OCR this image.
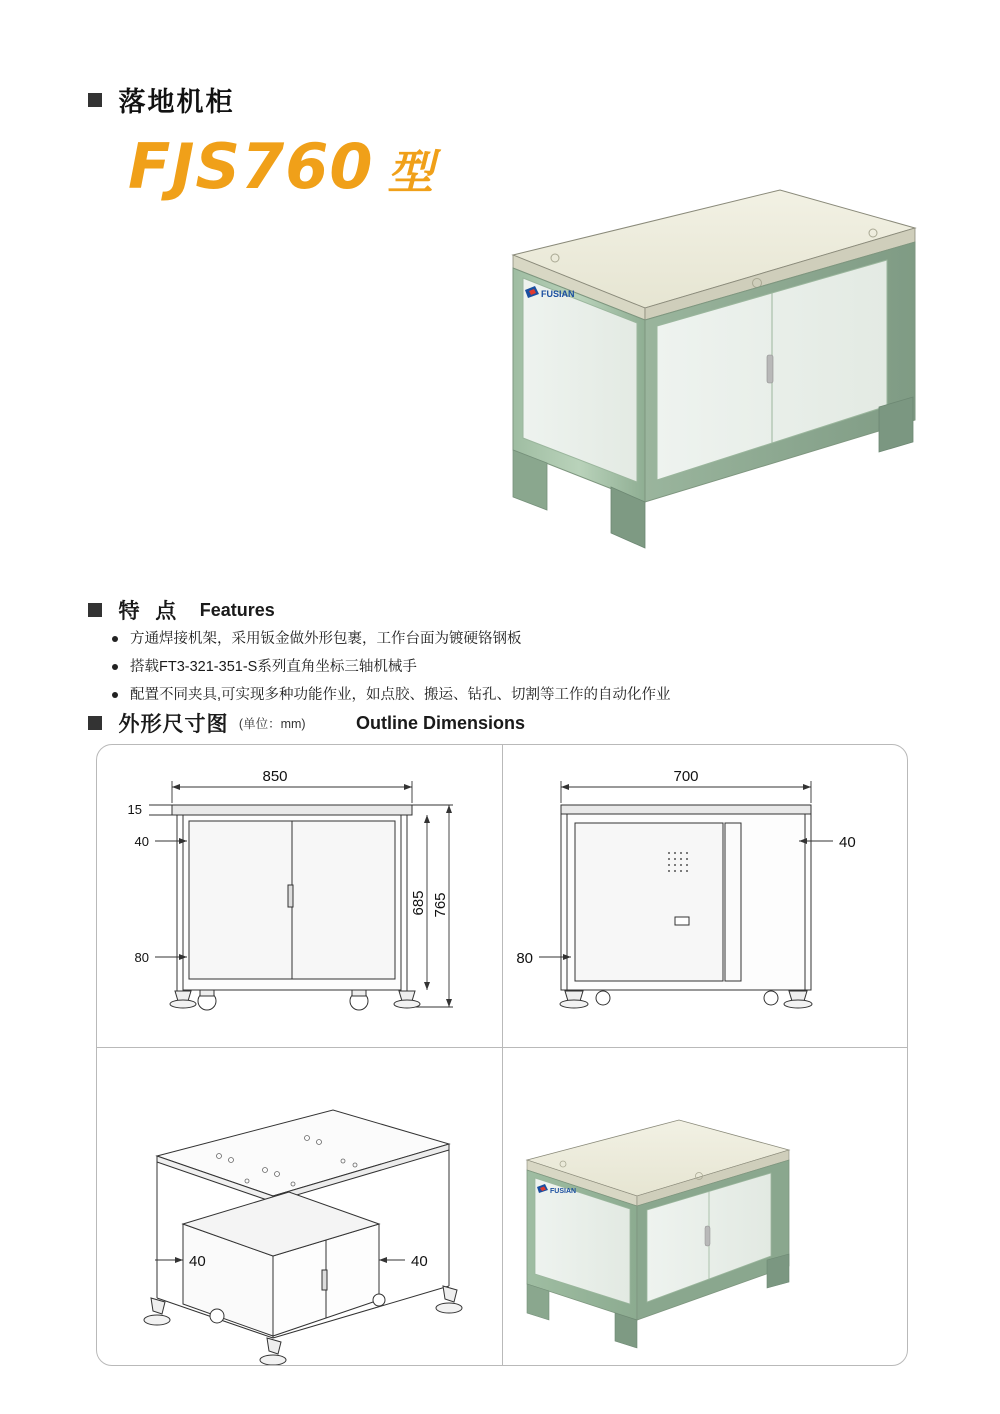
落地机柜
FJS760 型
FUSIAN
特 点 Features
方通焊接机架，采用钣金做外形包裹，工作台面为镀硬铬钢板
搭载FT3-321-351-S系列直角坐标三轴机械手
配置不同夹具,可实现多种功能作业，如点胶、搬运、钻孔、切割等工作的自动化作业
外形尺寸图 (单位：mm)	Outline Dimensions
850
15
40
80
685 765
700
40
80
40	40
FUSIAN
